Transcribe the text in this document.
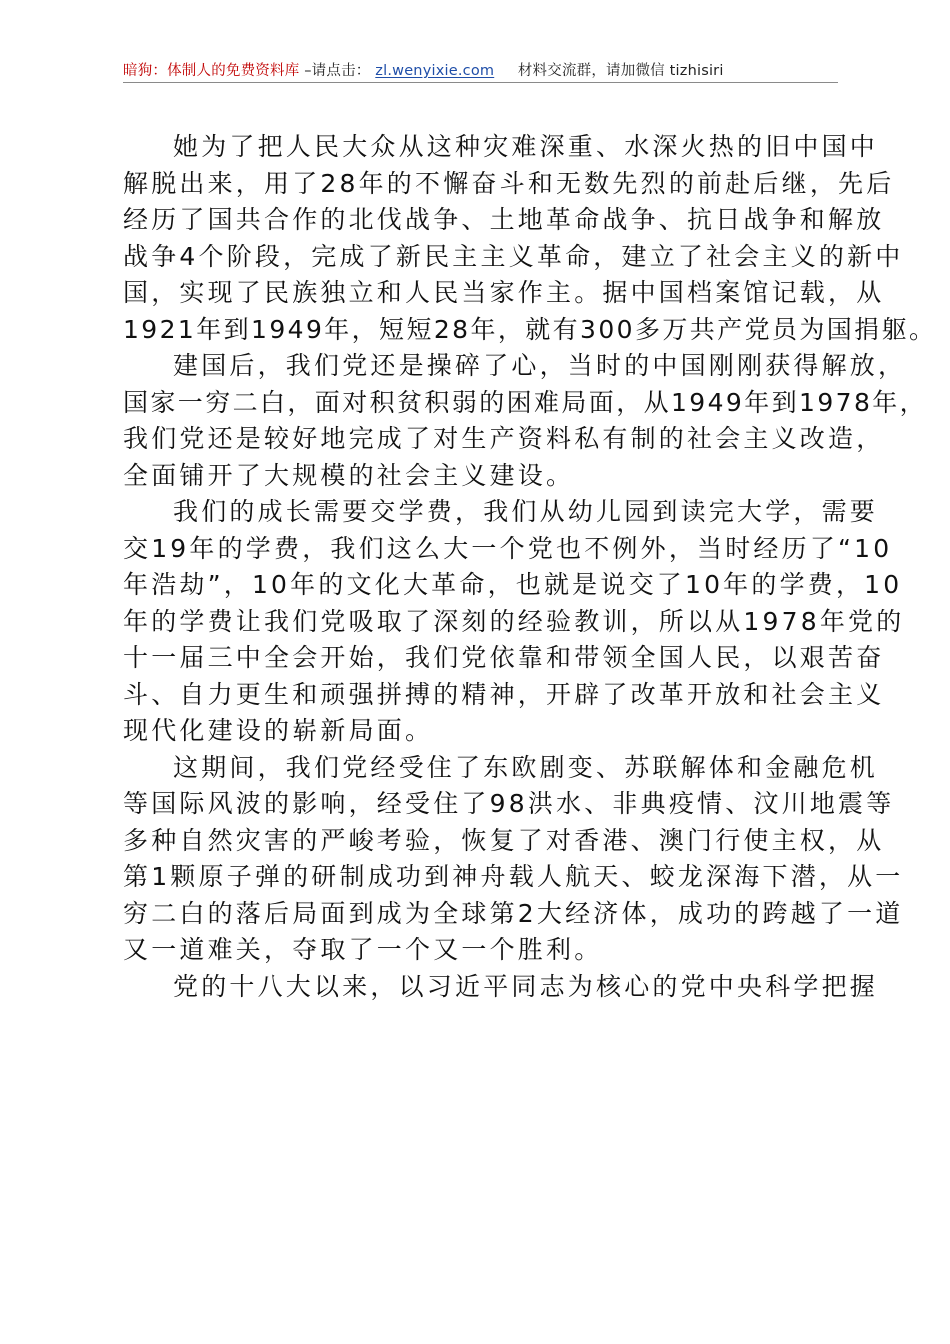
暗狗：体制人的免费资料库 –请点击： zl.wenyixie.com 材料交流群，请加微信 tizhisiri
她为了把人民大众从这种灾难深重、水深火热的旧中国中
解脱出来，用了28年的不懈奋斗和无数先烈的前赴后继，先后
经历了国共合作的北伐战争、土地革命战争、抗日战争和解放
战争4个阶段，完成了新民主主义革命，建立了社会主义的新中
国，实现了民族独立和人民当家作主。据中国档案馆记载，从
1921年到1949年，短短28年，就有300多万共产党员为国捐躯。
建国后，我们党还是操碎了心，当时的中国刚刚获得解放，
国家一穷二白，面对积贫积弱的困难局面，从1949年到1978年，
我们党还是较好地完成了对生产资料私有制的社会主义改造，
全面铺开了大规模的社会主义建设。
我们的成长需要交学费，我们从幼儿园到读完大学，需要
交19年的学费，我们这么大一个党也不例外，当时经历了“10
年浩劫”，10年的文化大革命，也就是说交了10年的学费，10
年的学费让我们党吸取了深刻的经验教训，所以从1978年党的
十一届三中全会开始，我们党依靠和带领全国人民，以艰苦奋
斗、自力更生和顽强拼搏的精神，开辟了改革开放和社会主义
现代化建设的崭新局面。
这期间，我们党经受住了东欧剧变、苏联解体和金融危机
等国际风波的影响，经受住了98洪水、非典疫情、汶川地震等
多种自然灾害的严峻考验，恢复了对香港、澳门行使主权，从
第1颗原子弹的研制成功到神舟载人航天、蛟龙深海下潜，从一
穷二白的落后局面到成为全球第2大经济体，成功的跨越了一道
又一道难关，夺取了一个又一个胜利。
党的十八大以来，以习近平同志为核心的党中央科学把握
